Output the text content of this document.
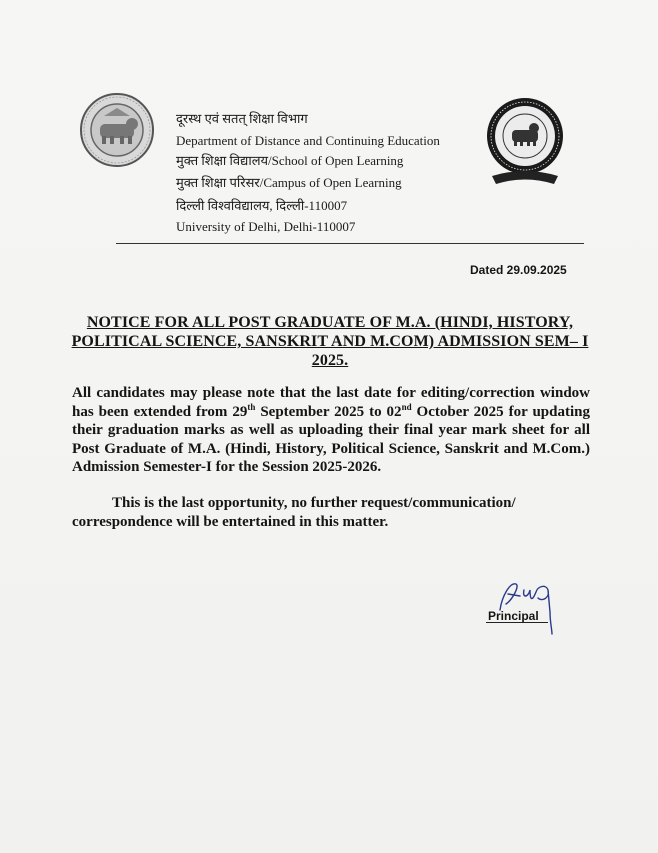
दूरस्थ एवं सतत् शिक्षा विभाग
Department of Distance and Continuing Education
मुक्त शिक्षा विद्यालय/School of Open Learning
मुक्त शिक्षा परिसर/Campus of Open Learning
दिल्ली विश्वविद्यालय, दिल्ली-110007
University of Delhi, Delhi-110007
Dated 29.09.2025
NOTICE FOR ALL POST GRADUATE OF M.A. (HINDI, HISTORY, POLITICAL SCIENCE, SANSKRIT AND M.COM) ADMISSION SEM– I 2025.
All candidates may please note that the last date for editing/correction window has been extended from 29th September 2025 to 02nd October 2025 for updating their graduation marks as well as uploading their final year mark sheet for all Post Graduate of M.A. (Hindi, History, Political Science, Sanskrit and M.Com.) Admission Semester-I for the Session 2025-2026.
This is the last opportunity, no further request/communication/ correspondence will be entertained in this matter.
Principal
